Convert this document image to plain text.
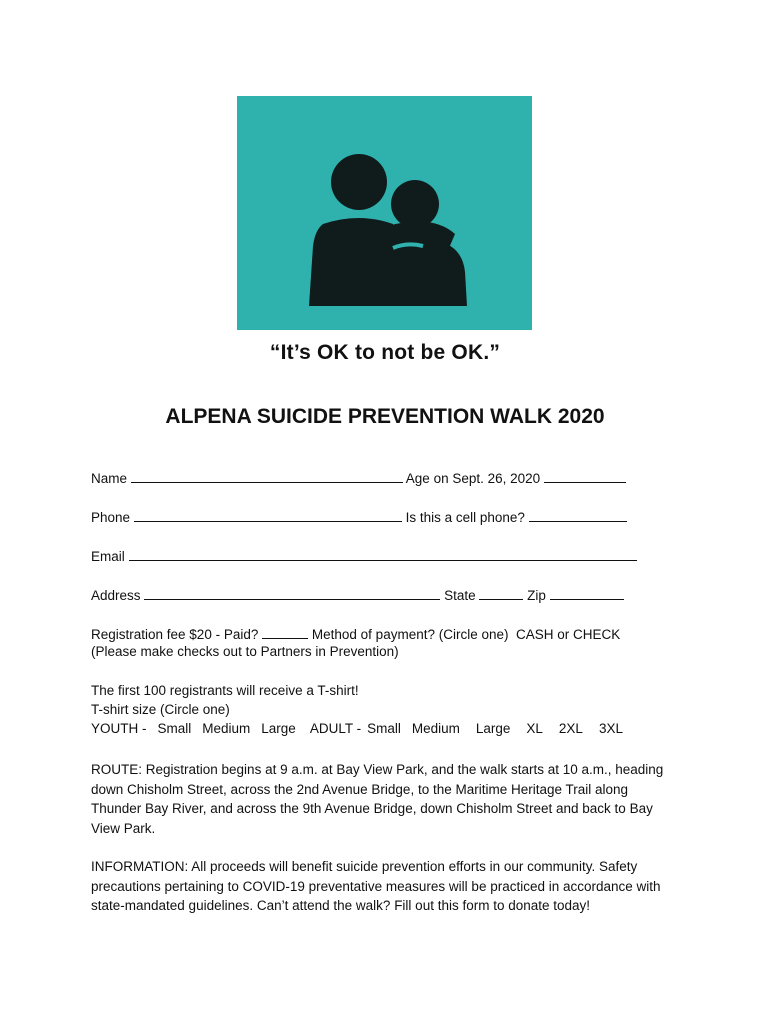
“It’s OK to not be OK.”
ALPENA SUICIDE PREVENTION WALK 2020
Name	Age on Sept. 26, 2020
Phone	Is this a cell phone?
Email
Address	State	Zip
Registration fee $20 - Paid?	Method of payment? (Circle one)  CASH or CHECK
(Please make checks out to Partners in Prevention)
The first 100 registrants will receive a T-shirt!
T-shirt size (Circle one)
YOUTH - Small Medium Large ADULT - Small Medium Large XL 2XL 3XL
ROUTE: Registration begins at 9 a.m. at Bay View Park, and the walk starts at 10 a.m., heading
down Chisholm Street, across the 2nd Avenue Bridge, to the Maritime Heritage Trail along
Thunder Bay River, and across the 9th Avenue Bridge, down Chisholm Street and back to Bay
View Park.
INFORMATION: All proceeds will benefit suicide prevention efforts in our community. Safety
precautions pertaining to COVID-19 preventative measures will be practiced in accordance with
state-mandated guidelines. Can’t attend the walk? Fill out this form to donate today!
